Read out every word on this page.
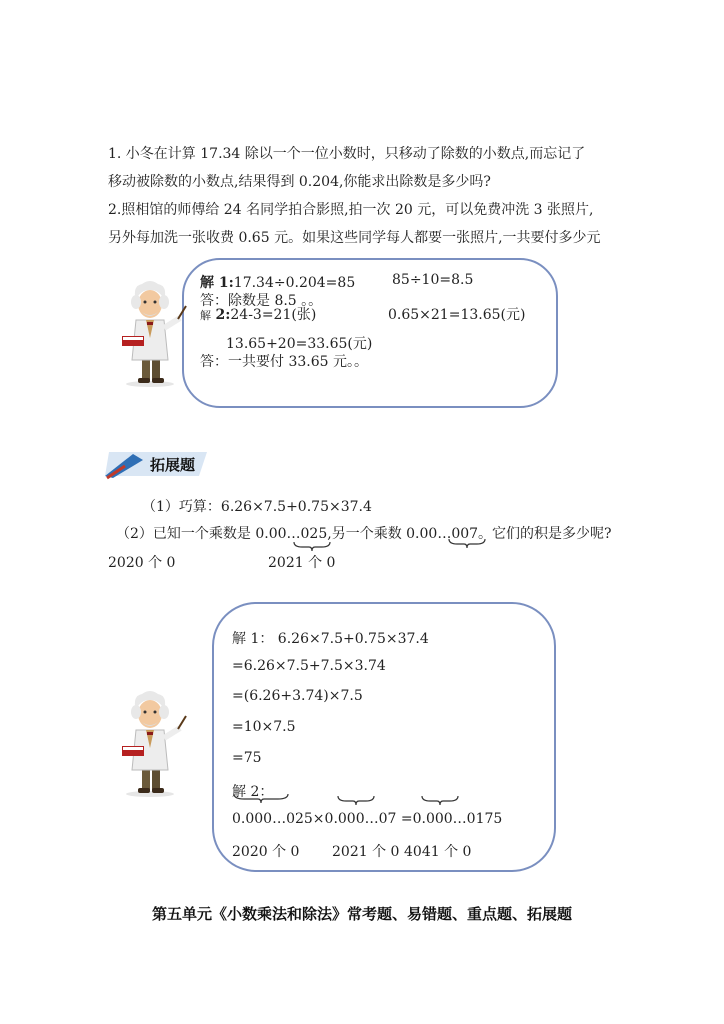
1. 小冬在计算 17.34 除以一个一位小数时，只移动了除数的小数点,而忘记了
移动被除数的小数点,结果得到 0.204,你能求出除数是多少吗?
2.照相馆的师傅给 24 名同学拍合影照,拍一次 20 元，可以免费冲洗 3 张照片,
另外每加洗一张收费 0.65 元。如果这些同学每人都要一张照片,一共要付多少元
解 1:17.34÷0.204=85	85÷10=8.5
答：除数是 8.5 。。
解 2:24-3=21(张)	0.65×21=13.65(元)
13.65+20=33.65(元)
答：一共要付 33.65 元。。
拓展题
（1）巧算：6.26×7.5+0.75×37.4
（2）已知一个乘数是 0.00…025,另一个乘数 0.00…007。它们的积是多少呢?
2020 个 0	2021 个 0
解 1： 6.26×7.5+0.75×37.4
=6.26×7.5+7.5×3.74
=(6.26+3.74)×7.5
=10×7.5
=75
解 2：
0.000…025×0.000…07 =0.000…0175
2020 个 0 2021 个 0 4041 个 0
第五单元《小数乘法和除法》常考题、易错题、重点题、拓展题
